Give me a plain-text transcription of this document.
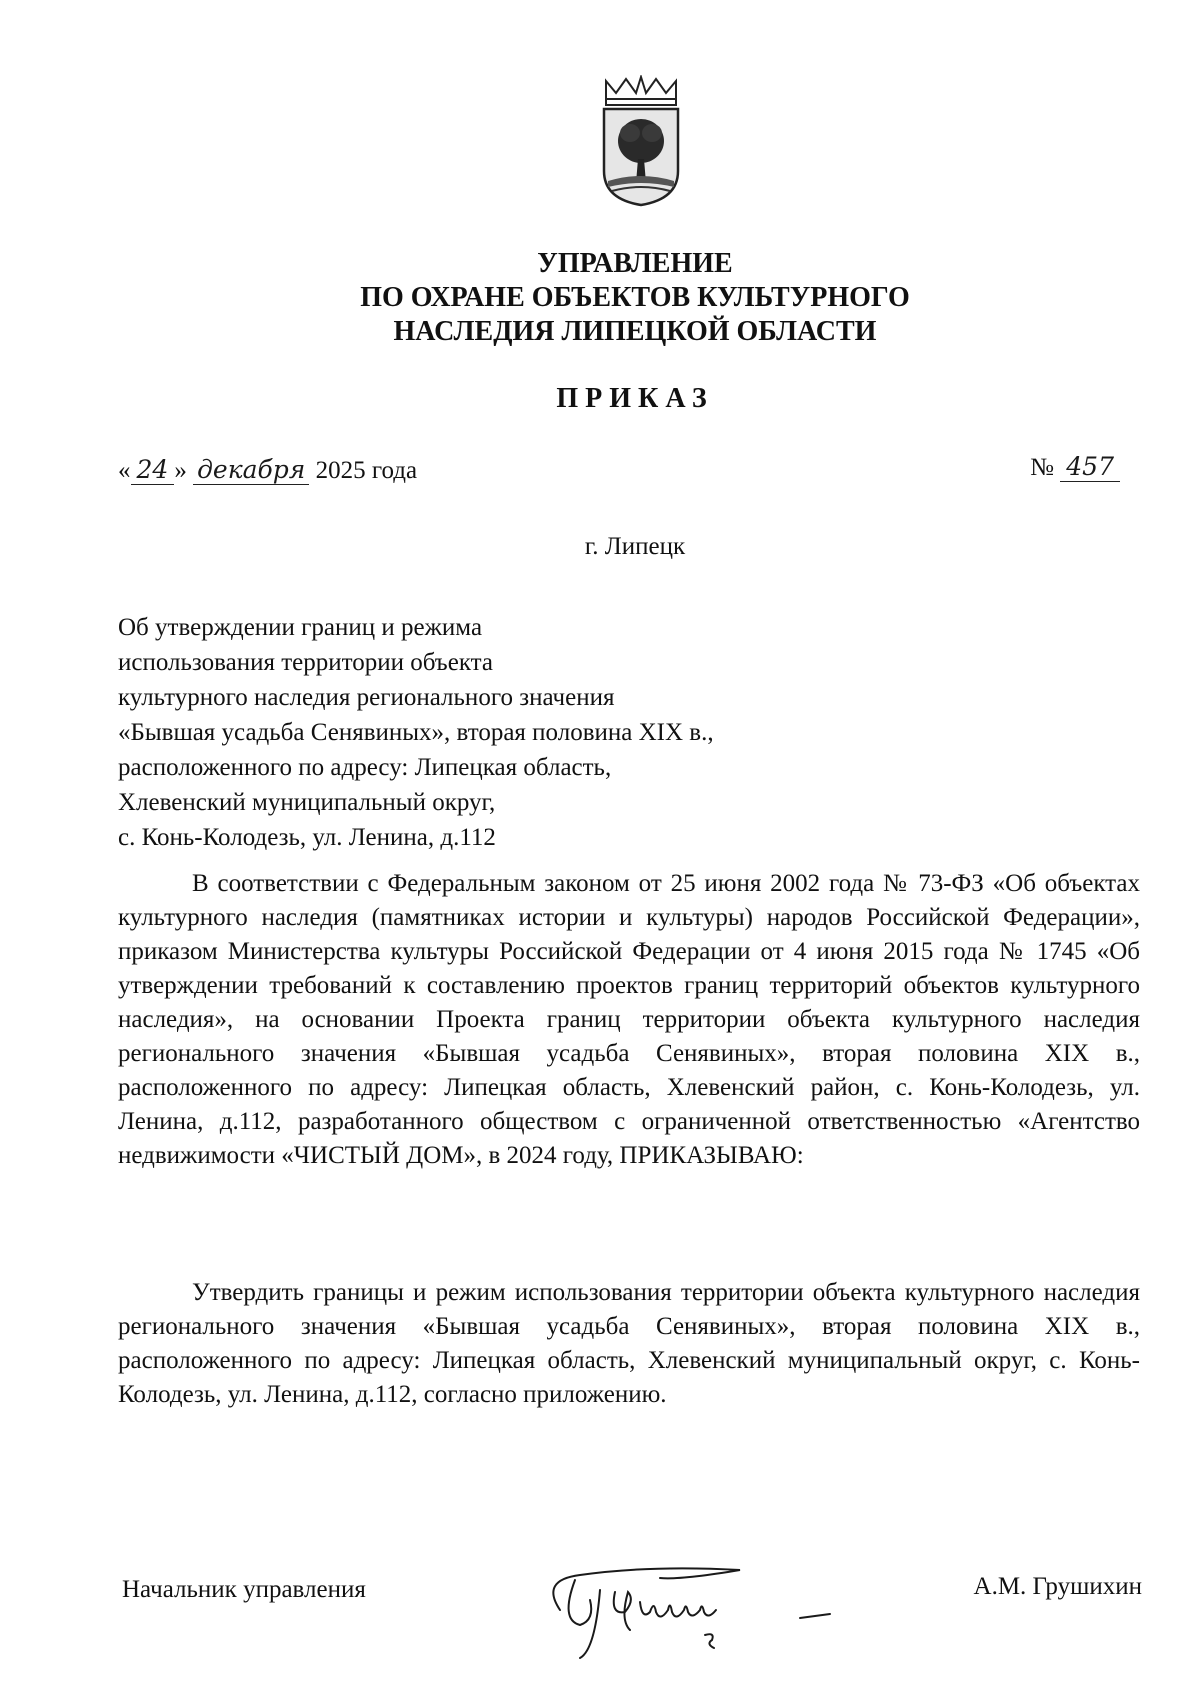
УПРАВЛЕНИЕ
ПО ОХРАНЕ ОБЪЕКТОВ КУЛЬТУРНОГО
НАСЛЕДИЯ ЛИПЕЦКОЙ ОБЛАСТИ
ПРИКАЗ
« 24 » декабря 2025 года	№ 457
г. Липецк
Об утверждении границ и режима
использования территории объекта
культурного наследия регионального значения
«Бывшая усадьба Сенявиных», вторая половина XIX в.,
расположенного по адресу: Липецкая область,
Хлевенский муниципальный округ,
с. Конь-Колодезь, ул. Ленина, д.112
В соответствии с Федеральным законом от 25 июня 2002 года № 73-ФЗ «Об объектах культурного наследия (памятниках истории и культуры) народов Российской Федерации», приказом Министерства культуры Российской Федерации от 4 июня 2015 года № 1745 «Об утверждении требований к составлению проектов границ территорий объектов культурного наследия», на основании Проекта границ территории объекта культурного наследия регионального значения «Бывшая усадьба Сенявиных», вторая половина XIX в., расположенного по адресу: Липецкая область, Хлевенский район, с. Конь-Колодезь, ул. Ленина, д.112, разработанного обществом с ограниченной ответственностью «Агентство недвижимости «ЧИСТЫЙ ДОМ», в 2024 году, ПРИКАЗЫВАЮ:
Утвердить границы и режим использования территории объекта культурного наследия регионального значения «Бывшая усадьба Сенявиных», вторая половина XIX в., расположенного по адресу: Липецкая область, Хлевенский муниципальный округ, с. Конь-Колодезь, ул. Ленина, д.112, согласно приложению.
Начальник управления	А.М. Грушихин
